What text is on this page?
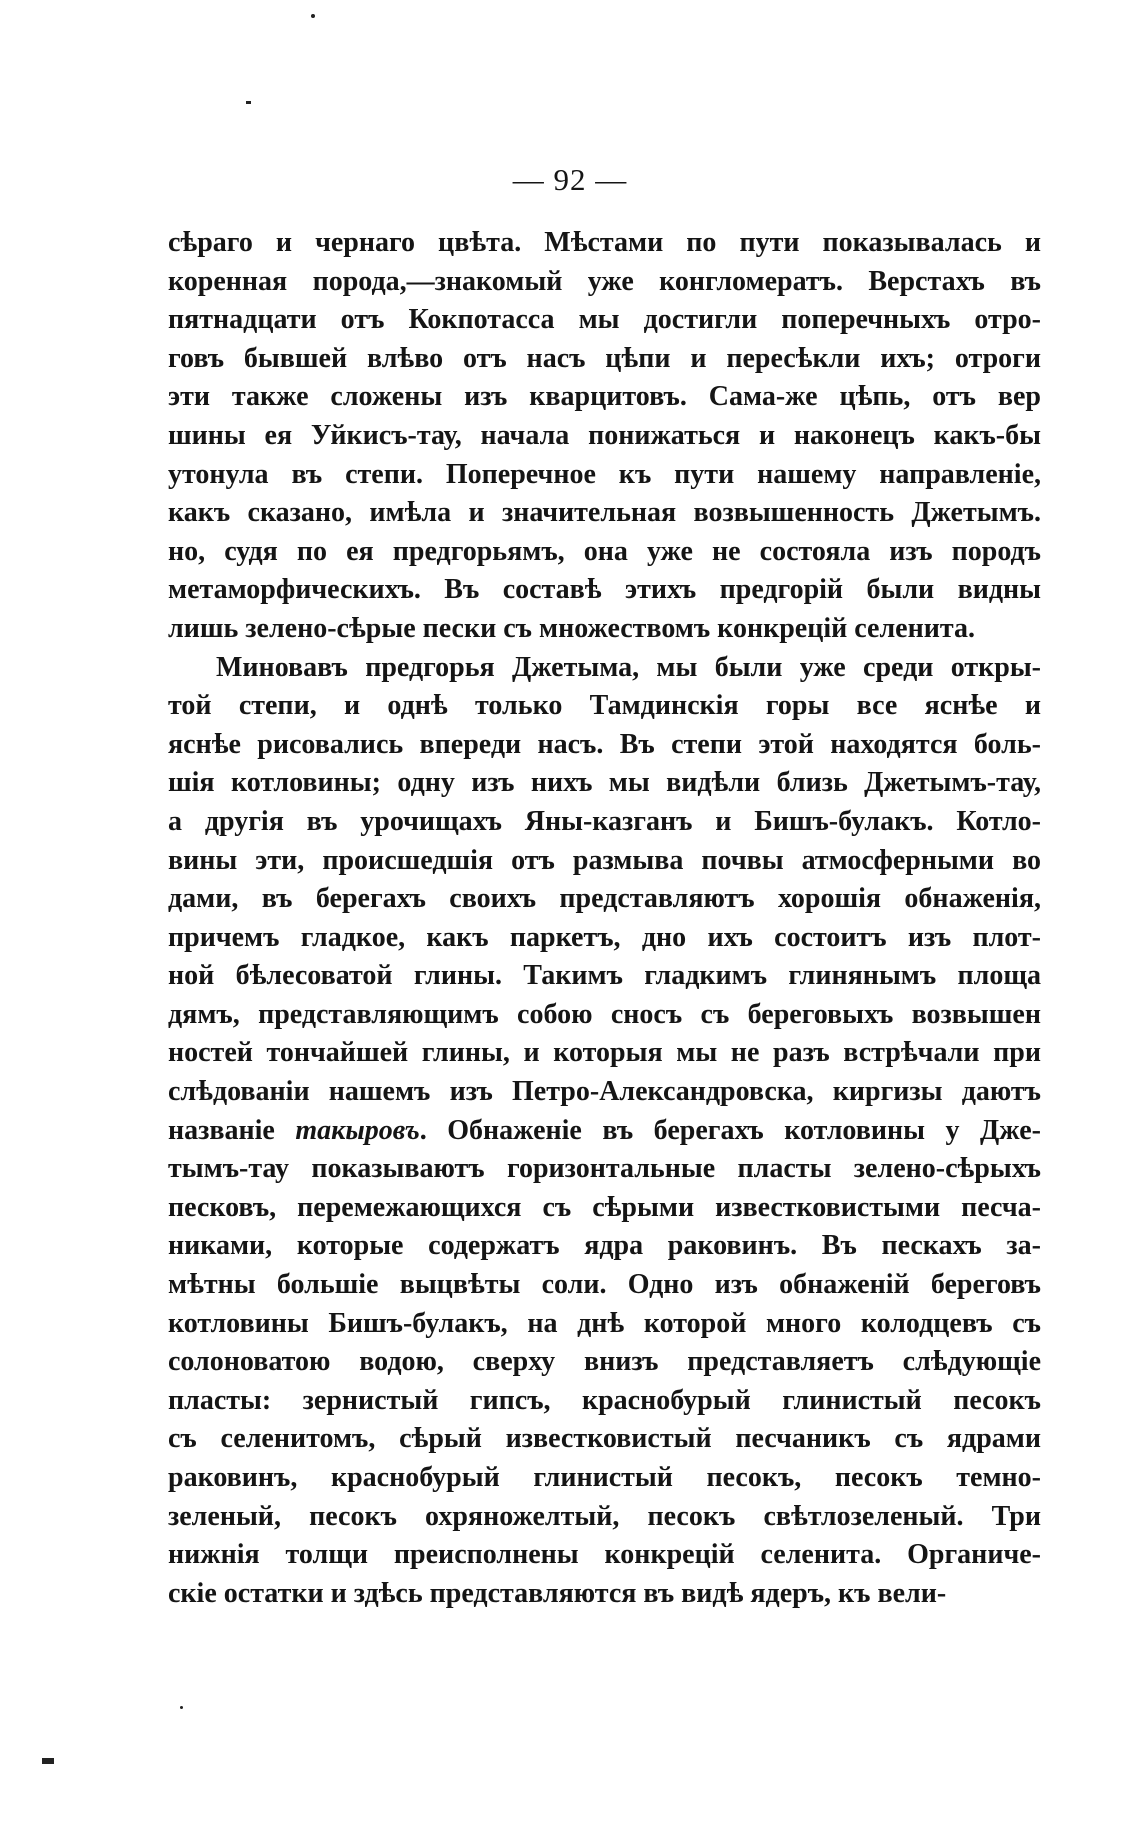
— 92 —
сѣраго и чернаго цвѣта. Мѣстами по пути показывалась и
коренная порода,—знакомый уже конгломератъ. Верстахъ въ
пятнадцати отъ Кокпотасса мы достигли поперечныхъ отро-
говъ бывшей влѣво отъ насъ цѣпи и пересѣкли ихъ; отроги
эти также сложены изъ кварцитовъ. Сама-же цѣпь, отъ вер
шины ея Уйкисъ-тау, начала понижаться и наконецъ какъ-бы
утонула въ степи. Поперечное къ пути нашему направленіе,
какъ сказано, имѣла и значительная возвышенность Джетымъ.
но, судя по ея предгорьямъ, она уже не состояла изъ породъ
метаморфическихъ. Въ составѣ этихъ предгорій были видны
лишь зелено-сѣрые пески съ множествомъ конкрецій селенита.
Миновавъ предгорья Джетыма, мы были уже среди откры-
той степи, и однѣ только Тамдинскія горы все яснѣе и
яснѣе рисовались впереди насъ. Въ степи этой находятся боль-
шія котловины; одну изъ нихъ мы видѣли близь Джетымъ-тау,
а другія въ урочищахъ Яны-казганъ и Бишъ-булакъ. Котло-
вины эти, происшедшія отъ размыва почвы атмосферными во
дами, въ берегахъ своихъ представляютъ хорошія обнаженія,
причемъ гладкое, какъ паркетъ, дно ихъ состоитъ изъ плот-
ной бѣлесоватой глины. Такимъ гладкимъ глинянымъ площа
дямъ, представляющимъ собою сносъ съ береговыхъ возвышен
ностей тончайшей глины, и которыя мы не разъ встрѣчали при
слѣдованіи нашемъ изъ Петро-Александровска, киргизы даютъ
названіе такыровъ. Обнаженіе въ берегахъ котловины у Дже-
тымъ-тау показываютъ горизонтальные пласты зелено-сѣрыхъ
песковъ, перемежающихся съ сѣрыми известковистыми песча-
никами, которые содержатъ ядра раковинъ. Въ пескахъ за-
мѣтны большіе выцвѣты соли. Одно изъ обнаженій береговъ
котловины Бишъ-булакъ, на днѣ которой много колодцевъ съ
солоноватою водою, сверху внизъ представляетъ слѣдующіе
пласты: зернистый гипсъ, краснобурый глинистый песокъ
съ селенитомъ, сѣрый известковистый песчаникъ съ ядрами
раковинъ, краснобурый глинистый песокъ, песокъ темно-
зеленый, песокъ охряножелтый, песокъ свѣтлозеленый. Три
нижнія толщи преисполнены конкрецій селенита. Органиче-
скіе остатки и здѣсь представляются въ видѣ ядеръ, къ вели-
